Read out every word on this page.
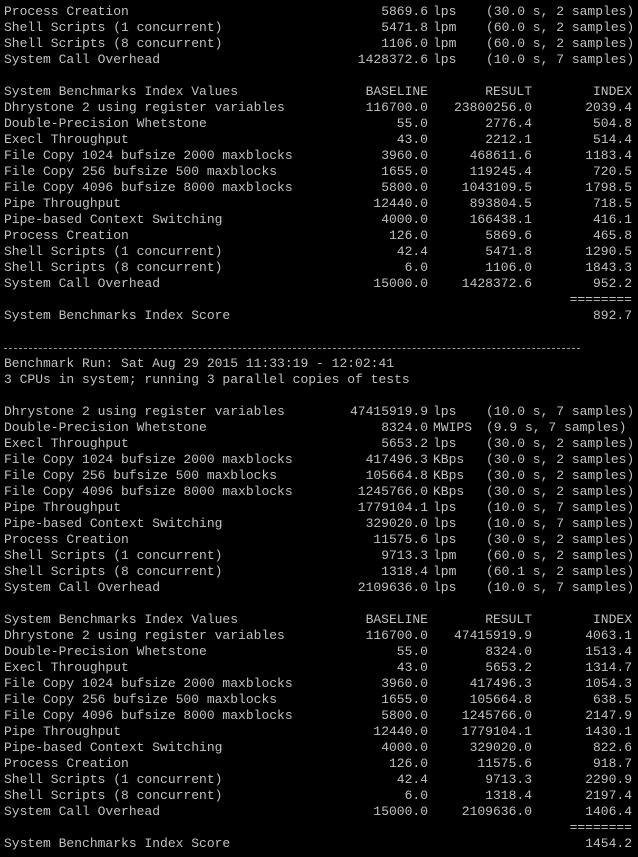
Process Creation	5869.6 lps (30.0 s, 2 samples)
Shell Scripts (1 concurrent)	5471.8 lpm (60.0 s, 2 samples)
Shell Scripts (8 concurrent)	1106.0 lpm (60.0 s, 2 samples)
System Call Overhead	1428372.6 lps (10.0 s, 7 samples)
System Benchmarks Index Values	BASELINE	RESULT	INDEX
Dhrystone 2 using register variables	116700.0 23800256.0	2039.4
Double-Precision Whetstone	55.0	2776.4	504.8
Execl Throughput	43.0	2212.1	514.4
File Copy 1024 bufsize 2000 maxblocks	3960.0	468611.6	1183.4
File Copy 256 bufsize 500 maxblocks	1655.0	119245.4	720.5
File Copy 4096 bufsize 8000 maxblocks	5800.0	1043109.5	1798.5
Pipe Throughput	12440.0	893804.5	718.5
Pipe-based Context Switching	4000.0	166438.1	416.1
Process Creation	126.0	5869.6	465.8
Shell Scripts (1 concurrent)	42.4	5471.8	1290.5
Shell Scripts (8 concurrent)	6.0	1106.0	1843.3
System Call Overhead	15000.0	1428372.6	952.2
========
System Benchmarks Index Score	892.7
Benchmark Run: Sat Aug 29 2015 11:33:19 - 12:02:41
3 CPUs in system; running 3 parallel copies of tests
Dhrystone 2 using register variables	47415919.9 lps (10.0 s, 7 samples)
Double-Precision Whetstone	8324.0 MWIPS (9.9 s, 7 samples)
Execl Throughput	5653.2 lps (30.0 s, 2 samples)
File Copy 1024 bufsize 2000 maxblocks	417496.3 KBps (30.0 s, 2 samples)
File Copy 256 bufsize 500 maxblocks	105664.8 KBps (30.0 s, 2 samples)
File Copy 4096 bufsize 8000 maxblocks	1245766.0 KBps (30.0 s, 2 samples)
Pipe Throughput	1779104.1 lps (10.0 s, 7 samples)
Pipe-based Context Switching	329020.0 lps (10.0 s, 7 samples)
Process Creation	11575.6 lps (30.0 s, 2 samples)
Shell Scripts (1 concurrent)	9713.3 lpm (60.0 s, 2 samples)
Shell Scripts (8 concurrent)	1318.4 lpm (60.1 s, 2 samples)
System Call Overhead	2109636.0 lps (10.0 s, 7 samples)
System Benchmarks Index Values	BASELINE	RESULT	INDEX
Dhrystone 2 using register variables	116700.0 47415919.9	4063.1
Double-Precision Whetstone	55.0	8324.0	1513.4
Execl Throughput	43.0	5653.2	1314.7
File Copy 1024 bufsize 2000 maxblocks	3960.0	417496.3	1054.3
File Copy 256 bufsize 500 maxblocks	1655.0	105664.8	638.5
File Copy 4096 bufsize 8000 maxblocks	5800.0	1245766.0	2147.9
Pipe Throughput	12440.0	1779104.1	1430.1
Pipe-based Context Switching	4000.0	329020.0	822.6
Process Creation	126.0	11575.6	918.7
Shell Scripts (1 concurrent)	42.4	9713.3	2290.9
Shell Scripts (8 concurrent)	6.0	1318.4	2197.4
System Call Overhead	15000.0	2109636.0	1406.4
========
System Benchmarks Index Score	1454.2
